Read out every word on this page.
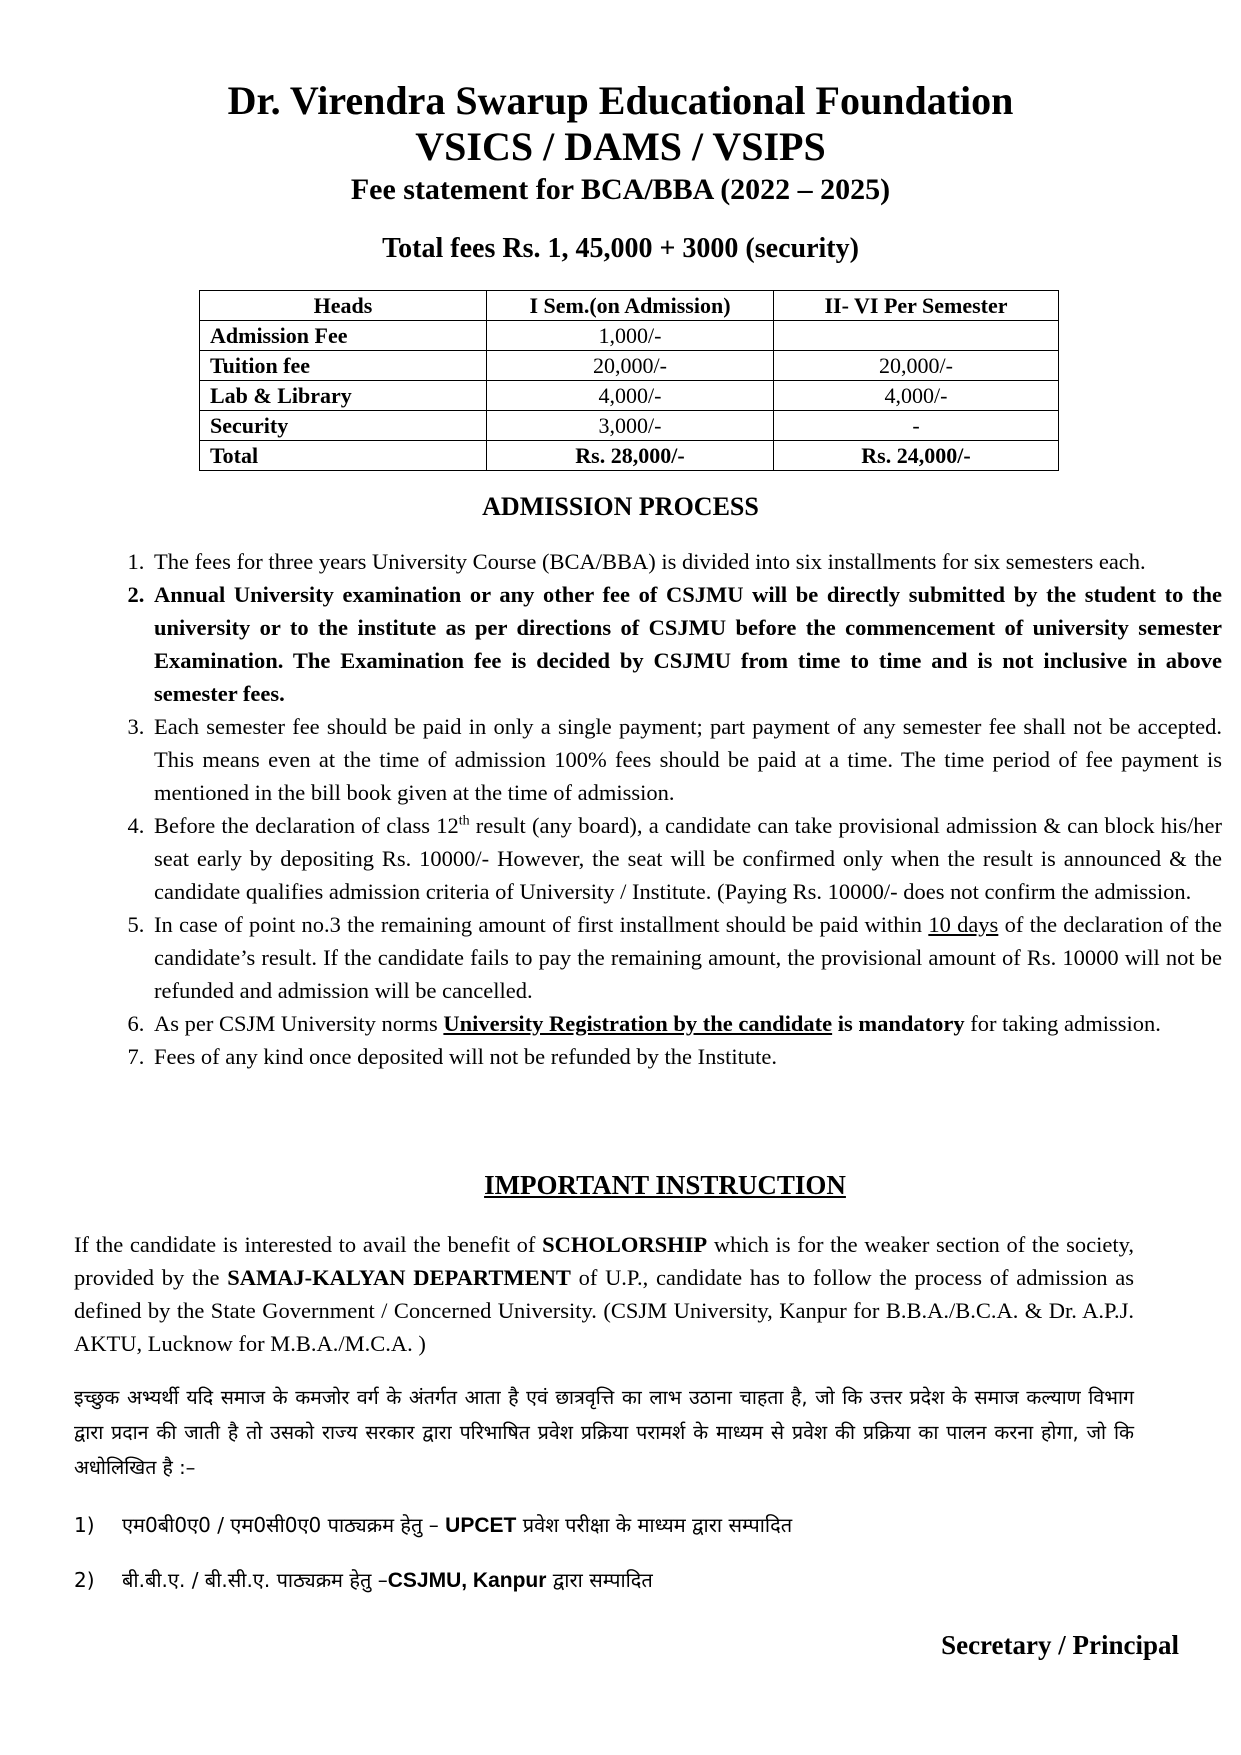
Dr. Virendra Swarup Educational Foundation
VSICS / DAMS / VSIPS
Fee statement for BCA/BBA (2022 – 2025)
Total fees Rs. 1, 45,000 + 3000 (security)
Heads	I Sem.(on Admission)	II- VI Per Semester
Admission Fee	1,000/-	
Tuition fee	20,000/-	20,000/-
Lab & Library	4,000/-	4,000/-
Security	3,000/-	-
Total	Rs. 28,000/-	Rs. 24,000/-
ADMISSION PROCESS
1. The fees for three years University Course (BCA/BBA) is divided into six installments for six semesters each.
2. Annual University examination or any other fee of CSJMU will be directly submitted by the student to the university or to the institute as per directions of CSJMU before the commencement of university semester Examination. The Examination fee is decided by CSJMU from time to time and is not inclusive in above semester fees.
3. Each semester fee should be paid in only a single payment; part payment of any semester fee shall not be accepted. This means even at the time of admission 100% fees should be paid at a time. The time period of fee payment is mentioned in the bill book given at the time of admission.
4. Before the declaration of class 12th result (any board), a candidate can take provisional admission & can block his/her seat early by depositing Rs. 10000/- However, the seat will be confirmed only when the result is announced & the candidate qualifies admission criteria of University / Institute. (Paying Rs. 10000/- does not confirm the admission.
5. In case of point no.3 the remaining amount of first installment should be paid within 10 days of the declaration of the candidate’s result. If the candidate fails to pay the remaining amount, the provisional amount of Rs. 10000 will not be refunded and admission will be cancelled.
6. As per CSJM University norms University Registration by the candidate is mandatory for taking admission.
7. Fees of any kind once deposited will not be refunded by the Institute.
IMPORTANT INSTRUCTION

If the candidate is interested to avail the benefit of SCHOLORSHIP which is for the weaker section of the society, provided by the SAMAJ-KALYAN DEPARTMENT of U.P., candidate has to follow the process of admission as defined by the State Government / Concerned University. (CSJM University, Kanpur for B.B.A./B.C.A. & Dr. A.P.J. AKTU, Lucknow for M.B.A./M.C.A. )

इच्छुक अभ्यर्थी यदि समाज के कमजोर वर्ग के अंतर्गत आता है एवं छात्रवृत्ति का लाभ उठाना चाहता है, जो कि उत्तर प्रदेश के समाज कल्याण विभाग द्वारा प्रदान की जाती है तो उसको राज्य सरकार द्वारा परिभाषित प्रवेश प्रक्रिया परामर्श के माध्यम से प्रवेश की प्रक्रिया का पालन करना होगा, जो कि अधोलिखित है :–

1) एम0बी0ए0 / एम0सी0ए0 पाठ्यक्रम हेतु – UPCET प्रवेश परीक्षा के माध्यम द्वारा सम्पादित
2) बी.बी.ए. / बी.सी.ए. पाठ्यक्रम हेतु –CSJMU, Kanpur द्वारा सम्पादित
Secretary / Principal
